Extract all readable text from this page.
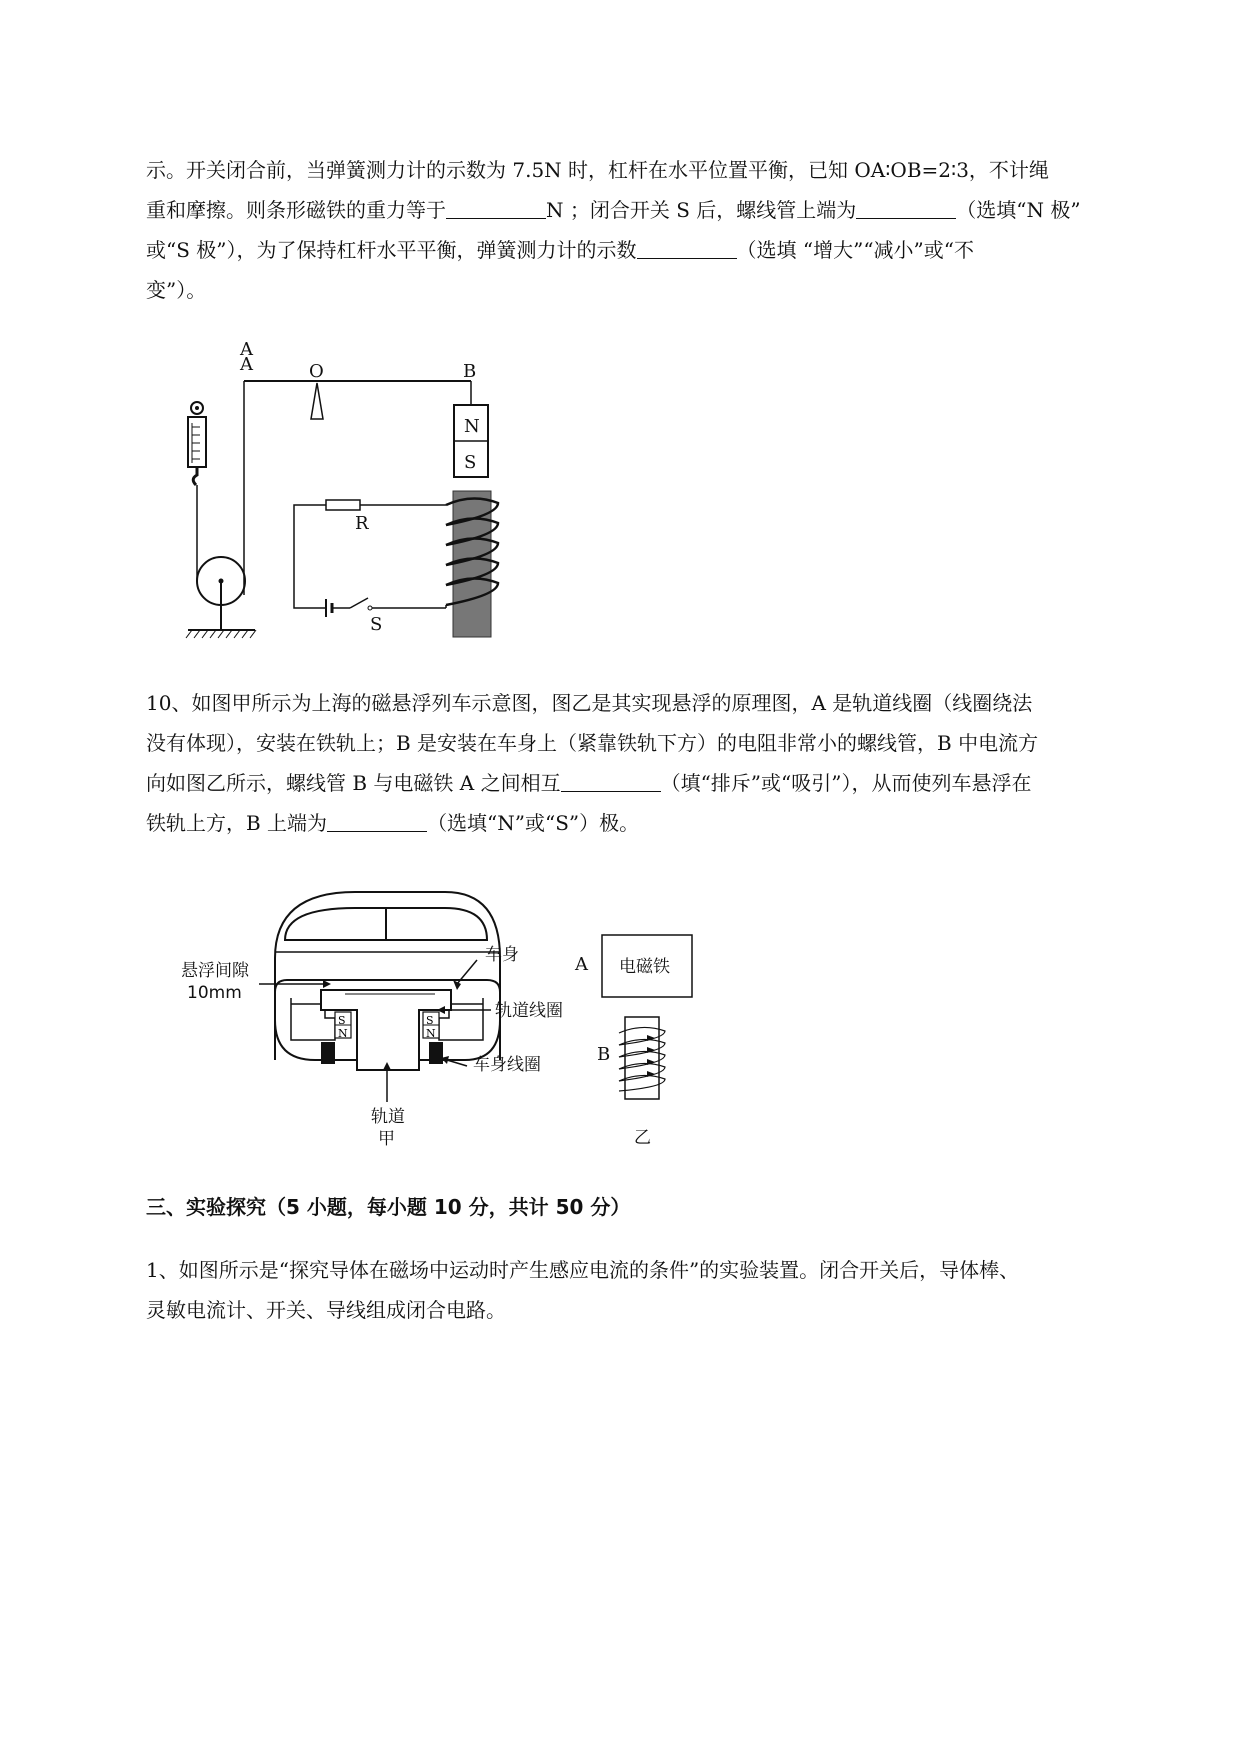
示。开关闭合前，当弹簧测力计的示数为 7.5N 时，杠杆在水平位置平衡，已知 OA∶OB=2∶3，不计绳
重和摩擦。则条形磁铁的重力等于	N ；闭合开关 S 后，螺线管上端为	（选填“N 极”
或“S 极”），为了保持杠杆水平平衡，弹簧测力计的示数	（选填 “增大”“减小”或“不
变”）。
A
A	O	B
N
S
R
S
10、如图甲所示为上海的磁悬浮列车示意图，图乙是其实现悬浮的原理图，A 是轨道线圈（线圈绕法
没有体现），安装在铁轨上；B 是安装在车身上（紧靠铁轨下方）的电阻非常小的螺线管，B 中电流方
向如图乙所示，螺线管 B 与电磁铁 A 之间相互	（填“排斥”或“吸引”），从而使列车悬浮在
铁轨上方，B 上端为	（选填“N”或“S”）极。
S
N
S
N
悬浮间隙
10mm
车身
轨道线圈
车身线圈
轨道
甲
A 电磁铁
B
乙
三、实验探究（5 小题，每小题 10 分，共计 50 分）
1、如图所示是“探究导体在磁场中运动时产生感应电流的条件”的实验装置。闭合开关后，导体棒、
灵敏电流计、开关、导线组成闭合电路。
